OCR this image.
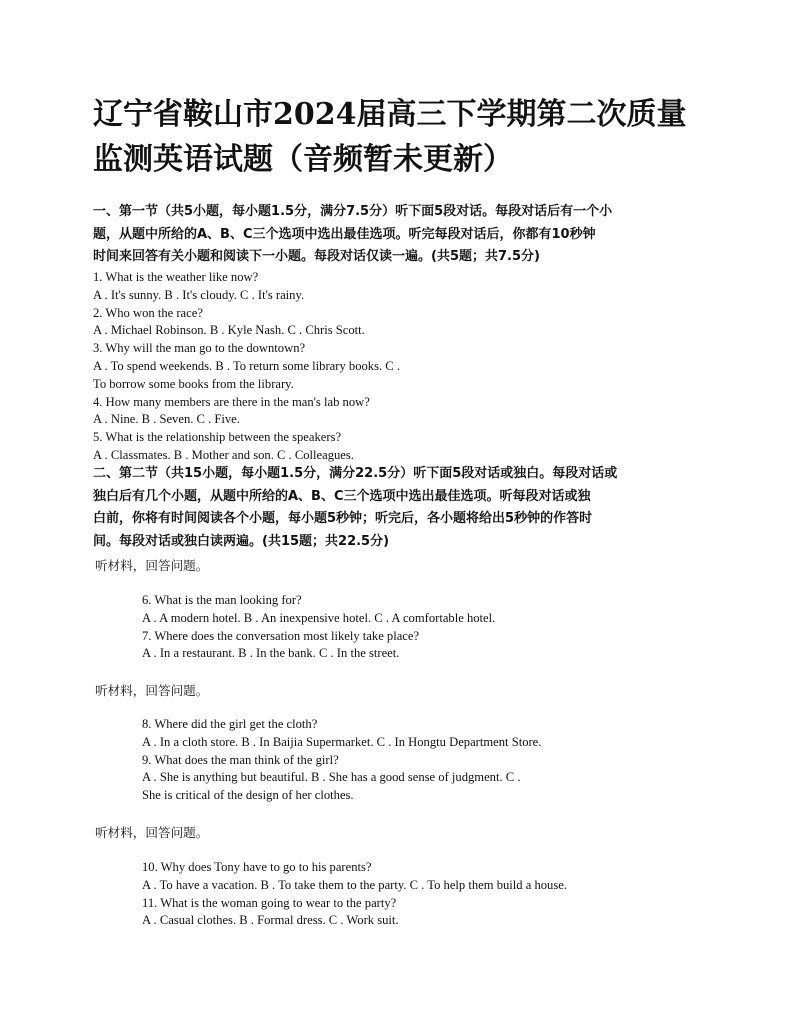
辽宁省鞍山市2024届高三下学期第二次质量
监测英语试题（音频暂未更新）
一、第一节（共5小题，每小题1.5分，满分7.5分）听下面5段对话。每段对话后有一个小
题，从题中所给的A、B、C三个选项中选出最佳选项。听完每段对话后，你都有10秒钟
时间来回答有关小题和阅读下一小题。每段对话仅读一遍。(共5题；共7.5分)
1. What is the weather like now?
A . It's sunny. B . It's cloudy. C . It's rainy.
2. Who won the race?
A . Michael Robinson. B . Kyle Nash. C . Chris Scott.
3. Why will the man go to the downtown?
A . To spend weekends. B . To return some library books. C .
To borrow some books from the library.
4. How many members are there in the man's lab now?
A . Nine. B . Seven. C . Five.
5. What is the relationship between the speakers?
A . Classmates. B . Mother and son. C . Colleagues.
二、第二节（共15小题，每小题1.5分，满分22.5分）听下面5段对话或独白。每段对话或
独白后有几个小题，从题中所给的A、B、C三个选项中选出最佳选项。听每段对话或独
白前，你将有时间阅读各个小题，每小题5秒钟；听完后，各小题将给出5秒钟的作答时
间。每段对话或独白读两遍。(共15题；共22.5分)
听材料，回答问题。
6. What is the man looking for?
A . A modern hotel. B . An inexpensive hotel. C . A comfortable hotel.
7. Where does the conversation most likely take place?
A . In a restaurant. B . In the bank. C . In the street.
听材料，回答问题。
8. Where did the girl get the cloth?
A . In a cloth store. B . In Baijia Supermarket. C . In Hongtu Department Store.
9. What does the man think of the girl?
A . She is anything but beautiful. B . She has a good sense of judgment. C .
She is critical of the design of her clothes.
听材料，回答问题。
10. Why does Tony have to go to his parents?
A . To have a vacation. B . To take them to the party. C . To help them build a house.
11. What is the woman going to wear to the party?
A . Casual clothes. B . Formal dress. C . Work suit.
